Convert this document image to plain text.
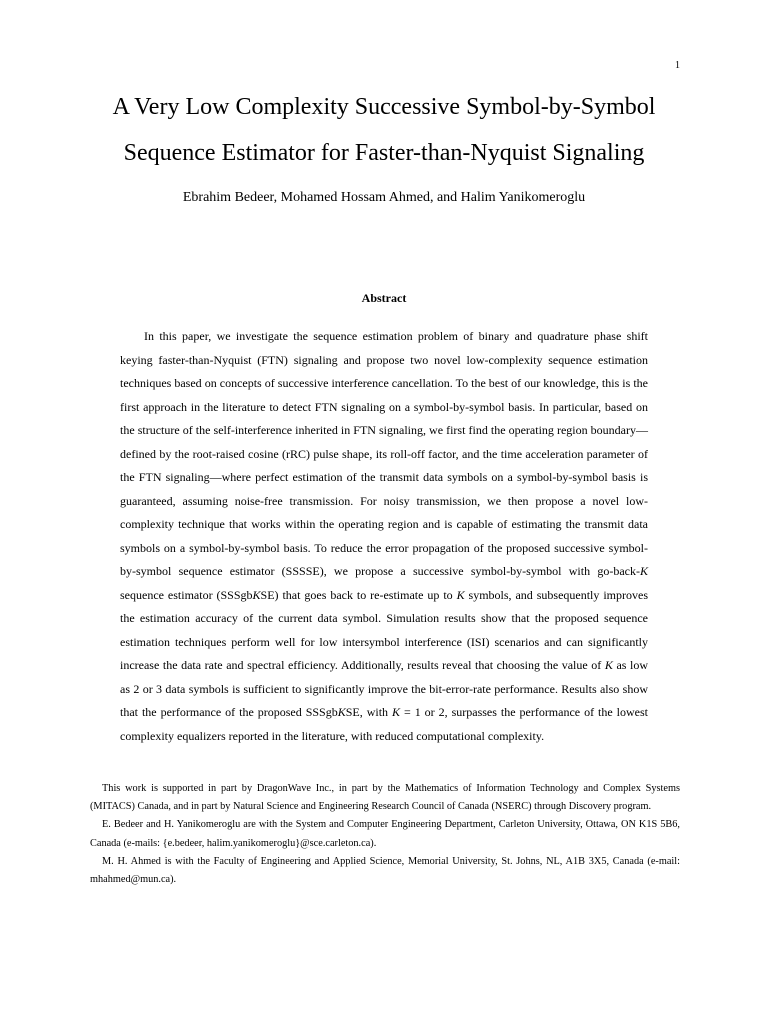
1
A Very Low Complexity Successive Symbol-by-Symbol
Sequence Estimator for Faster-than-Nyquist Signaling
Ebrahim Bedeer, Mohamed Hossam Ahmed, and Halim Yanikomeroglu
Abstract

In this paper, we investigate the sequence estimation problem of binary and quadrature phase shift keying faster-than-Nyquist (FTN) signaling and propose two novel low-complexity sequence estimation techniques based on concepts of successive interference cancellation. To the best of our knowledge, this is the first approach in the literature to detect FTN signaling on a symbol-by-symbol basis. In particular, based on the structure of the self-interference inherited in FTN signaling, we first find the operating region boundary—defined by the root-raised cosine (rRC) pulse shape, its roll-off factor, and the time acceleration parameter of the FTN signaling—where perfect estimation of the transmit data symbols on a symbol-by-symbol basis is guaranteed, assuming noise-free transmission. For noisy transmission, we then propose a novel low-complexity technique that works within the operating region and is capable of estimating the transmit data symbols on a symbol-by-symbol basis. To reduce the error propagation of the proposed successive symbol-by-symbol sequence estimator (SSSSE), we propose a successive symbol-by-symbol with go-back-K sequence estimator (SSSgbKSE) that goes back to re-estimate up to K symbols, and subsequently improves the estimation accuracy of the current data symbol. Simulation results show that the proposed sequence estimation techniques perform well for low intersymbol interference (ISI) scenarios and can significantly increase the data rate and spectral efficiency. Additionally, results reveal that choosing the value of K as low as 2 or 3 data symbols is sufficient to significantly improve the bit-error-rate performance. Results also show that the performance of the proposed SSSgbKSE, with K = 1 or 2, surpasses the performance of the lowest complexity equalizers reported in the literature, with reduced computational complexity.

This work is supported in part by DragonWave Inc., in part by the Mathematics of Information Technology and Complex Systems (MITACS) Canada, and in part by Natural Science and Engineering Research Council of Canada (NSERC) through Discovery program.

E. Bedeer and H. Yanikomeroglu are with the System and Computer Engineering Department, Carleton University, Ottawa, ON K1S 5B6, Canada (e-mails: {e.bedeer, halim.yanikomeroglu}@sce.carleton.ca).

M. H. Ahmed is with the Faculty of Engineering and Applied Science, Memorial University, St. Johns, NL, A1B 3X5, Canada (e-mail: mhahmed@mun.ca).
